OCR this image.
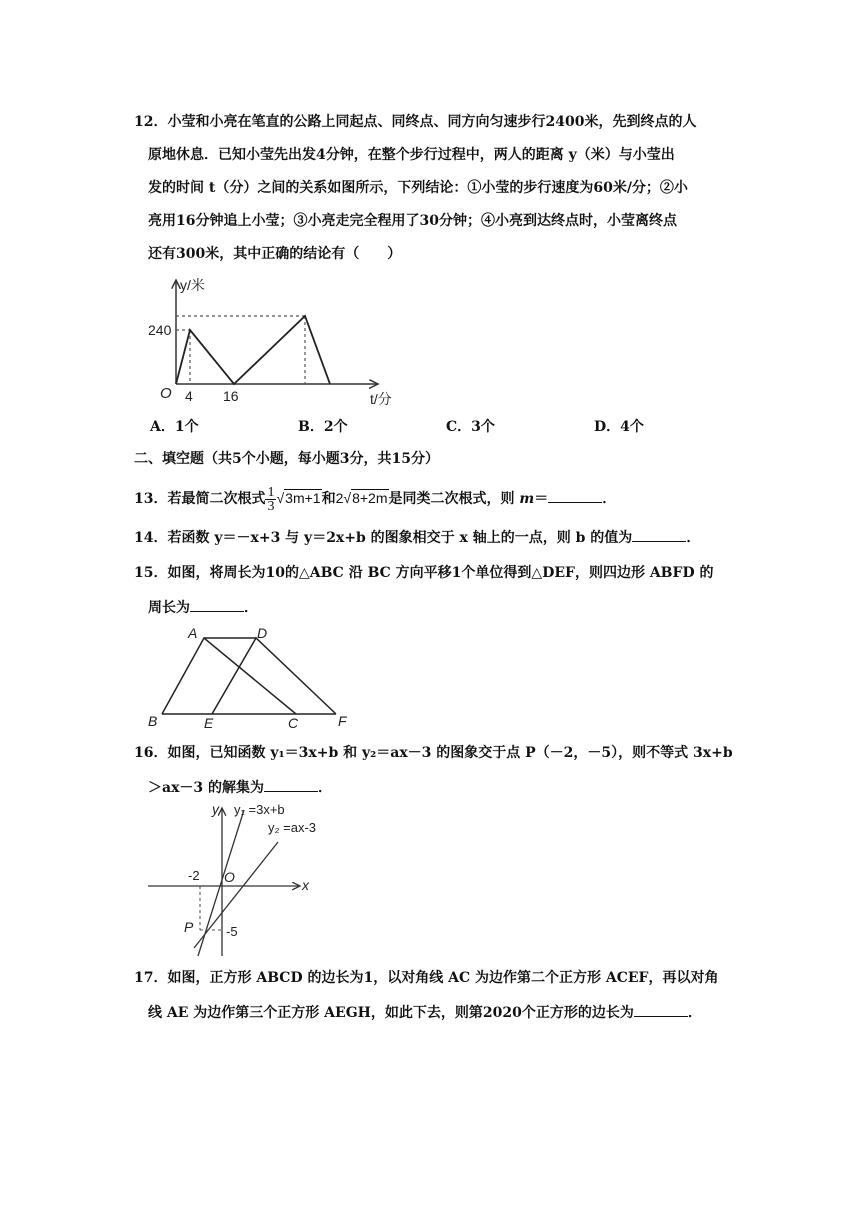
12．小莹和小亮在笔直的公路上同起点、同终点、同方向匀速步行2400米，先到终点的人
原地休息．已知小莹先出发4分钟，在整个步行过程中，两人的距离 y（米）与小莹出
发的时间 t（分）之间的关系如图所示，下列结论：①小莹的步行速度为60米/分；②小
亮用16分钟追上小莹；③小亮走完全程用了30分钟；④小亮到达终点时，小莹离终点
还有300米，其中正确的结论有（　　）
y/米
t/分
O
240
4 16
A．1个	B．2个	C．3个	D．4个
二、填空题（共5个小题，每小题3分，共15分）
13．若最简二次根式 $\frac{1}{3} √3m+1$和2√8+2m是同类二次根式，则 m＝	．
14．若函数 y＝－x+3 与 y＝2x+b 的图象相交于 x 轴上的一点，则 b 的值为	．
15．如图，将周长为10的△ABC 沿 BC 方向平移1个单位得到△DEF，则四边形 ABFD 的
周长为	．
A	D
B	E	C	F
16．如图，已知函数 y₁＝3x+b 和 y₂＝ax－3 的图象交于点 P（－2，－5），则不等式 3x+b
＞ax－3 的解集为	．
y
x
O
y₁ =3x+b
y₂ =ax-3
-2
-5
P
17．如图，正方形 ABCD 的边长为1，以对角线 AC 为边作第二个正方形 ACEF，再以对角
线 AE 为边作第三个正方形 AEGH，如此下去，则第2020个正方形的边长为	．
